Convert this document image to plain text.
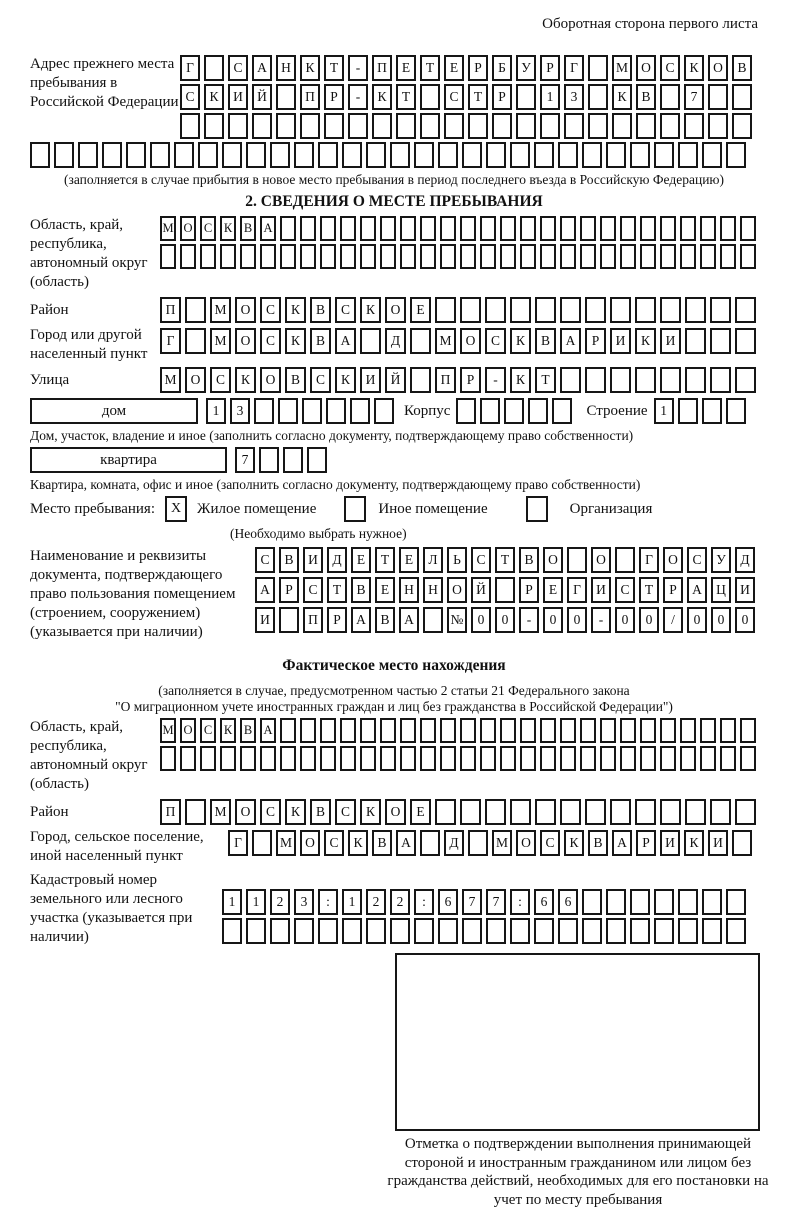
Оборотная сторона первого листа
Адрес прежнего места пребывания в Российской Федерации
Г	С	А	Н	К	Т	-	П	Е	Т	Е	Р	Б	У	Р	Г	М О	С	К	О	В
С	К	И	Й	П	Р	-	К	Т	С	Т	Р	1	3	К	В	7
(заполняется в случае прибытия в новое место пребывания в период последнего въезда в Российскую Федерацию)
2. СВЕДЕНИЯ О МЕСТЕ ПРЕБЫВАНИЯ
Область, край, республика, автономный округ (область)
М О С К В А
Район	П	М	О	С	К	В	С	К	О	Е
Город или другой населенный пункт
Г	М	О	С	К	В	А	Д	М	О	С	К	В	А	Р	И	К	И
Улица	М	О	С	К	О	В	С	К	И	Й	П	Р	-	К	Т
дом	1	3	Корпус	Строение 1
Дом, участок, владение и иное (заполнить согласно документу, подтверждающему право собственности)
квартира	7
Квартира, комната, офис и иное (заполнить согласно документу, подтверждающему право собственности)
Место пребывания:	X	Жилое помещение	Иное помещение	Организация
(Необходимо выбрать нужное)
Наименование и реквизиты документа, подтверждающего право пользования помещением (строением, сооружением) (указывается при наличии)
С	В	И	Д	Е	Т	Е	Л	Ь	С	Т	В	О	О	Г	О	С	У	Д
А	Р	С	Т	В	Е	Н	Н	О	Й	Р	Е	Г	И	С	Т	Р	А	Ц	И
И	П	Р	А	В	А	№	0	0	-	0	0	-	0	0	/	0	0	0
Фактическое место нахождения
(заполняется в случае, предусмотренном частью 2 статьи 21 Федерального закона
"О миграционном учете иностранных граждан и лиц без гражданства в Российской Федерации")
Область, край, республика, автономный округ (область)
М О С К В А
Район	П	М	О	С	К	В	С	К	О	Е
Город, сельское поселение, иной населенный пункт
Г	М О	С	К	В	А	Д	М О	С	К	В	А	Р	И	К	И
Кадастровый номер земельного или лесного участка (указывается при наличии)
1	1	2	3	:	1	2	2	:	6	7	7	:	6	6
Отметка о подтверждении выполнения принимающей стороной и иностранным гражданином или лицом без гражданства действий, необходимых для его постановки на учет по месту пребывания
